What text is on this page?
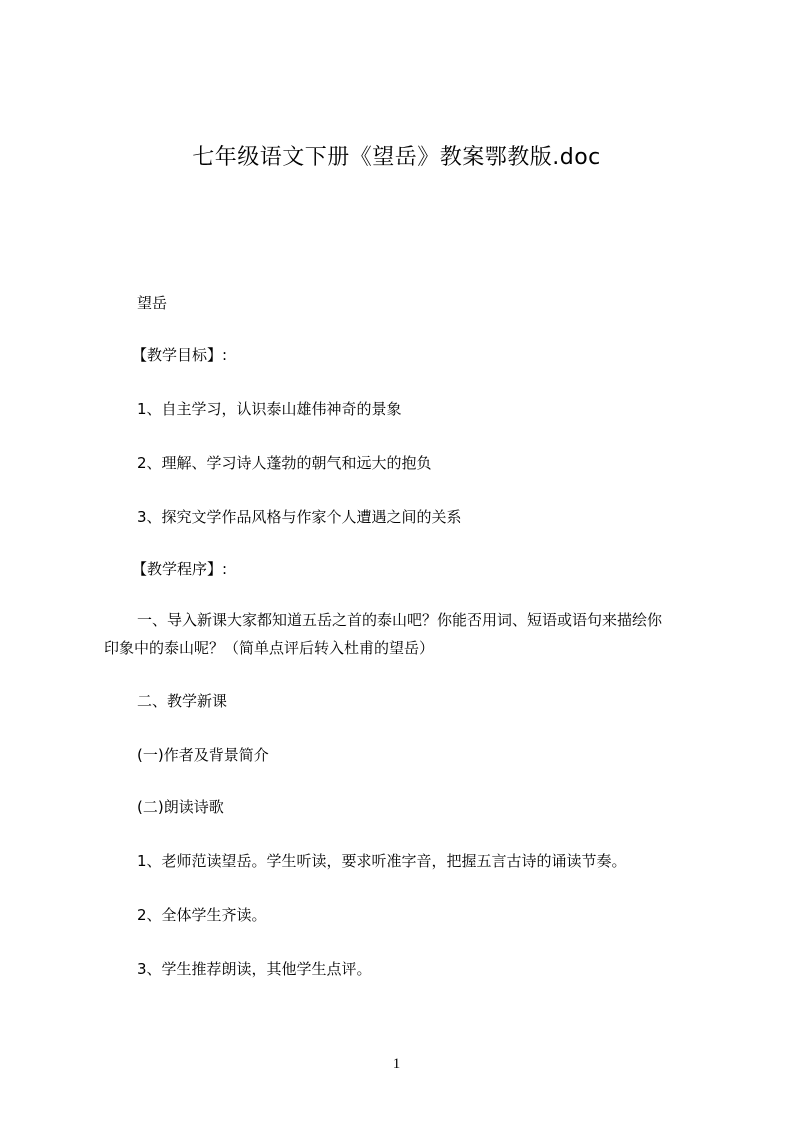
七年级语文下册《望岳》教案鄂教版.doc
望岳
【教学目标】:
1、自主学习，认识泰山雄伟神奇的景象
2、理解、学习诗人蓬勃的朝气和远大的抱负
3、探究文学作品风格与作家个人遭遇之间的关系
【教学程序】:
一、导入新课大家都知道五岳之首的泰山吧？你能否用词、短语或语句来描绘你
印象中的泰山呢？（简单点评后转入杜甫的望岳）
二、教学新课
(一)作者及背景简介
(二)朗读诗歌
1、老师范读望岳。学生听读，要求听准字音，把握五言古诗的诵读节奏。
2、全体学生齐读。
3、学生推荐朗读，其他学生点评。
1
